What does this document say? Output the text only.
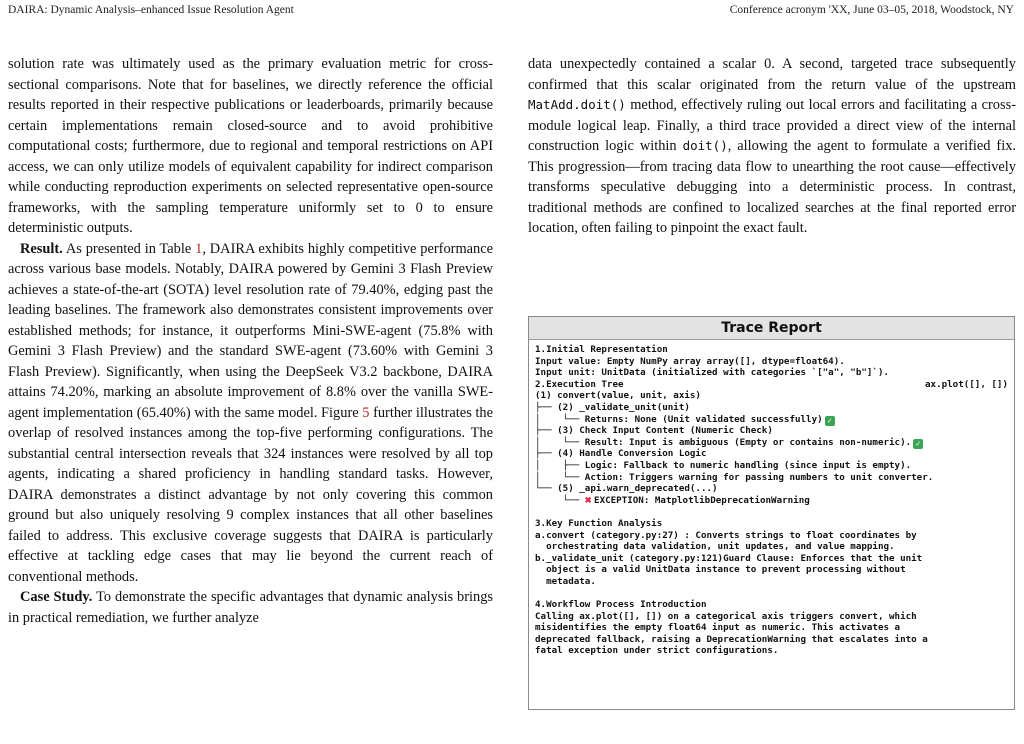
DAIRA: Dynamic Analysis–enhanced Issue Resolution Agent	Conference acronym 'XX, June 03–05, 2018, Woodstock, NY

solution rate was ultimately used as the primary evaluation metric for cross-sectional comparisons. Note that for baselines, we directly reference the official results reported in their respective publications or leaderboards, primarily because certain implementations remain closed-source and to avoid prohibitive computational costs; furthermore, due to regional and temporal restrictions on API access, we can only utilize models of equivalent capability for indirect comparison while conducting reproduction experiments on selected representative open-source frameworks, with the sampling temperature uniformly set to 0 to ensure deterministic outputs.

Result. As presented in Table 1, DAIRA exhibits highly competitive performance across various base models. Notably, DAIRA powered by Gemini 3 Flash Preview achieves a state-of-the-art (SOTA) level resolution rate of 79.40%, edging past the leading baselines. The framework also demonstrates consistent improvements over established methods; for instance, it outperforms Mini-SWE-agent (75.8% with Gemini 3 Flash Preview) and the standard SWE-agent (73.60% with Gemini 3 Flash Preview). Significantly, when using the DeepSeek V3.2 backbone, DAIRA attains 74.20%, marking an absolute improvement of 8.8% over the vanilla SWE-agent implementation (65.40%) with the same model. Figure 5 further illustrates the overlap of resolved instances among the top-five performing configurations. The substantial central intersection reveals that 324 instances were resolved by all top agents, indicating a shared proficiency in handling standard tasks. However, DAIRA demonstrates a distinct advantage by not only covering this common ground but also uniquely resolving 9 complex instances that all other baselines failed to address. This exclusive coverage suggests that DAIRA is particularly effective at tackling edge cases that may lie beyond the current reach of conventional methods.

Case Study. To demonstrate the specific advantages that dynamic analysis brings in practical remediation, we further analyze

data unexpectedly contained a scalar 0. A second, targeted trace subsequently confirmed that this scalar originated from the return value of the upstream MatAdd.doit() method, effectively ruling out local errors and facilitating a cross-module logical leap. Finally, a third trace provided a direct view of the internal construction logic within doit(), allowing the agent to formulate a verified fix. This progression—from tracing data flow to unearthing the root cause—effectively transforms speculative debugging into a deterministic process. In contrast, traditional methods are confined to localized searches at the final reported error location, often failing to pinpoint the exact fault.

Trace Report
1.Initial Representation
Input value: Empty NumPy array array([], dtype=float64).
Input unit: UnitData (initialized with categories `["a", "b"]`).
2.Execution Tree	ax.plot([], [])
(1) convert(value, unit, axis)
├── (2) _validate_unit(unit)
│    └── Returns: None (Unit validated successfully) ✓
├── (3) Check Input Content (Numeric Check)
│    └── Result: Input is ambiguous (Empty or contains non-numeric). ✓
├── (4) Handle Conversion Logic
│    ├── Logic: Fallback to numeric handling (since input is empty).
│    └── Action: Triggers warning for passing numbers to unit converter.
└── (5) _api.warn_deprecated(...)
└── ✖ EXCEPTION: MatplotlibDeprecationWarning
3.Key Function Analysis
a.convert (category.py:27) : Converts strings to float coordinates by
orchestrating data validation, unit updates, and value mapping.
b._validate_unit (category.py:121)Guard Clause: Enforces that the unit
object is a valid UnitData instance to prevent processing without
metadata.
4.Workflow Process Introduction
Calling ax.plot([], []) on a categorical axis triggers convert, which
misidentifies the empty float64 input as numeric. This activates a
deprecated fallback, raising a DeprecationWarning that escalates into a
fatal exception under strict configurations.
